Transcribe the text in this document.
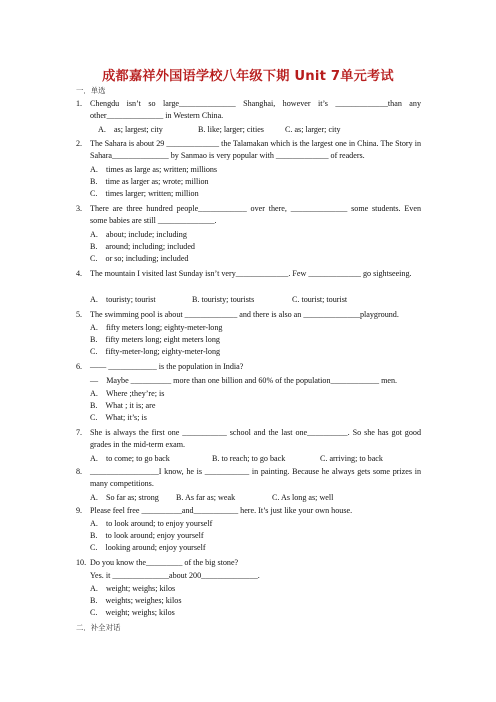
成都嘉祥外国语学校八年级下期 Unit 7单元考试
一．单选
1. Chengdu isn’t so large______________ Shanghai, however it’s _____________than any other______________ in Western China.
A.　as; largest; city	B. like; larger; cities	C. as; larger; city
2. The Sahara is about 29 _____________ the Talamakan which is the largest one in China. The Story in Sahara______________ by Sanmao is very popular with _____________ of readers.
A.　times as large as; written; millions
B.　time as larger as; wrote; million
C.　times larger; written; million
3. There are three hundred people____________ over there, ______________ some students. Even some babies are still ______________.
A.　about; include; including
B.　around; including; included
C.　or so; including; included
4. The mountain I visited last Sunday isn’t very_____________. Few _____________ go sightseeing.
A.　touristy; tourist	B. touristy; tourists	C. tourist; tourist
5. The swimming pool is about _____________ and there is also an ______________playground.
A.　fifty meters long; eighty-meter-long
B.　fifty meters long; eight meters long
C.　fifty-meter-long; eighty-meter-long
6. —— ____________ is the population in India?
—　Maybe __________ more than one billion and 60% of the population____________ men.
A.　Where ;they’re; is
B.　What ; it is; are
C.　What; it’s; is
7. She is always the first one ___________ school and the last one__________. So she has got good grades in the mid-term exam.
A.　to come; to go back	B. to reach; to go back	C. arriving; to back
8. _________________I know, he is ___________ in painting. Because he always gets some prizes in many competitions.
A.　So far as; strong B. As far as; weak	C. As long as; well
9. Please feel free __________and___________ here. It’s just like your own house.
A.　to look around; to enjoy yourself
B.　to look around; enjoy yourself
C.　looking around; enjoy yourself
10. Do you know the_________ of the big stone?
Yes. it ______________about 200______________.
A.　weight; weighs; kilos
B.　weights; weighes; kilos
C.　weight; weighs; kilos
二．补全对话
